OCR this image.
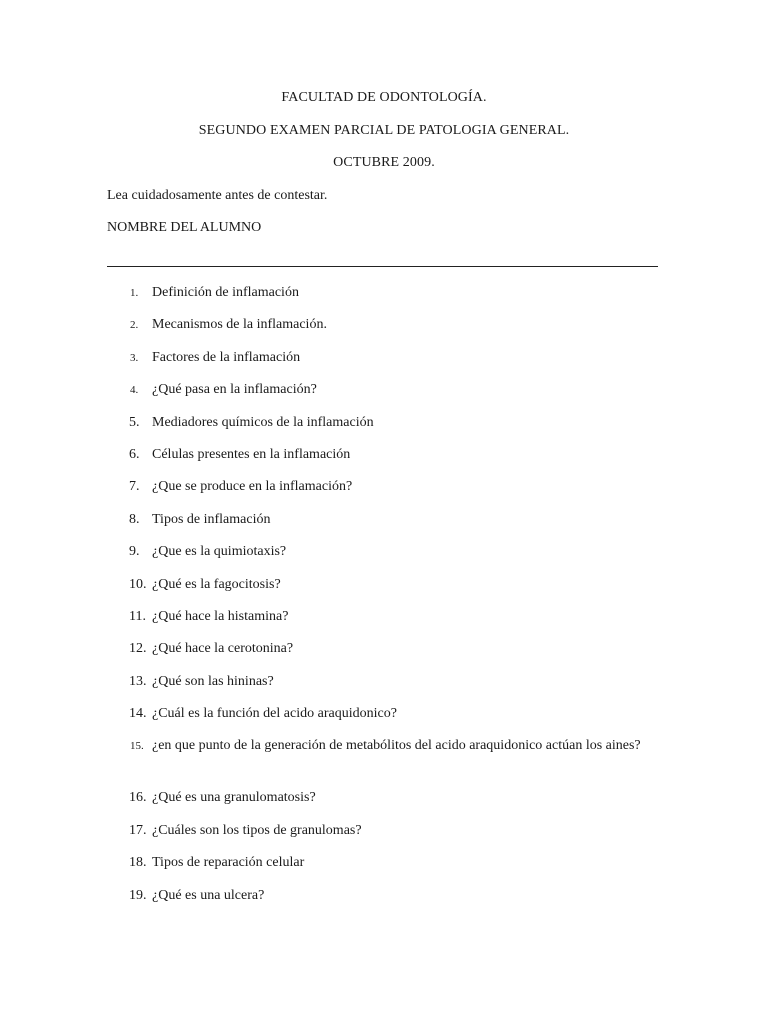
FACULTAD DE ODONTOLOGÍA.
SEGUNDO EXAMEN PARCIAL DE PATOLOGIA GENERAL.
OCTUBRE 2009.
Lea cuidadosamente antes de contestar.
NOMBRE DEL ALUMNO
1. Definición de inflamación
2. Mecanismos de la inflamación.
3. Factores de la inflamación
4. ¿Qué pasa en la inflamación?
5. Mediadores químicos de la inflamación
6. Células presentes en la inflamación
7. ¿Que se produce en la inflamación?
8. Tipos de inflamación
9. ¿Que es la quimiotaxis?
10. ¿Qué es la fagocitosis?
11. ¿Qué hace la histamina?
12. ¿Qué hace la cerotonina?
13. ¿Qué son las hininas?
14. ¿Cuál es la función del acido araquidonico?
15. ¿en que punto de la generación de metabólitos del acido araquidonico actúan los aines?
16. ¿Qué es una granulomatosis?
17. ¿Cuáles son los tipos de granulomas?
18. Tipos de reparación celular
19. ¿Qué es una ulcera?
